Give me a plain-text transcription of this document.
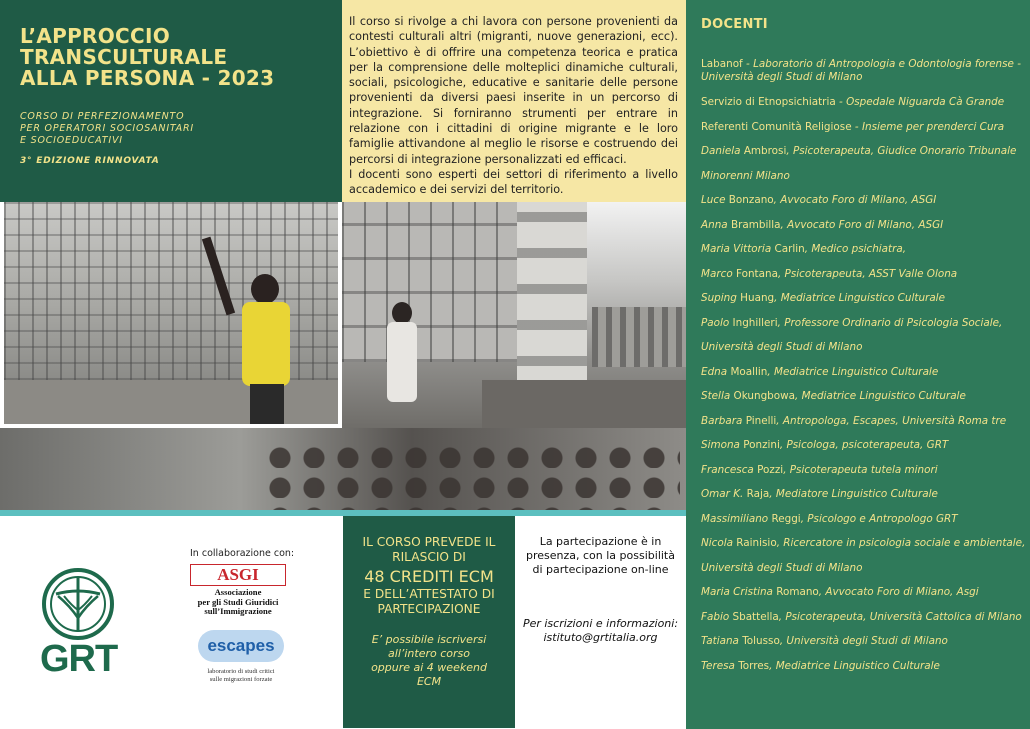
L’APPROCCIO TRANSCULTURALE
ALLA PERSONA - 2023
CORSO DI PERFEZIONAMENTO
PER OPERATORI SOCIOSANITARI
E SOCIOEDUCATIVI
3° EDIZIONE RINNOVATA
Il corso si rivolge a chi lavora con persone provenienti da contesti culturali altri (migranti, nuove generazioni, ecc). L’obiettivo è di offrire una competenza teorica e pratica per la comprensione delle molteplici dinamiche culturali, sociali, psicologiche, educative e sanitarie delle persone provenienti da diversi paesi inserite in un percorso di integrazione. Si forniranno strumenti per entrare in relazione con i cittadini di origine migrante e le loro famiglie attivandone al meglio le risorse e costruendo dei percorsi di integrazione personalizzati ed efficaci.
I docenti sono esperti dei settori di riferimento a livello accademico e dei servizi del territorio.
GRT
In collaborazione con:
ASGI
Associazione
per gli Studi Giuridici
sull’Immigrazione
escapes
laboratorio di studi critici
sulle migrazioni forzate
IL CORSO PREVEDE IL
RILASCIO DI
48 CREDITI ECM
E DELL’ATTESTATO DI
PARTECIPAZIONE
E’ possibile iscriversi
all’intero corso
oppure ai 4 weekend
ECM
La partecipazione è in
presenza, con la possibilità
di partecipazione on-line
Per iscrizioni e informazioni:
istituto@grtitalia.org
DOCENTI
Labanof - Laboratorio di Antropologia e Odontologia forense - Università degli Studi di Milano
Servizio di Etnopsichiatria - Ospedale Niguarda Cà Grande
Referenti Comunità Religiose - Insieme per prenderci Cura
Daniela Ambrosi, Psicoterapeuta, Giudice Onorario Tribunale
Minorenni Milano
Luce Bonzano, Avvocato Foro di Milano, ASGI
Anna Brambilla, Avvocato Foro di Milano, ASGI
Maria Vittoria Carlin, Medico psichiatra,
Marco Fontana, Psicoterapeuta, ASST Valle Olona
Suping Huang, Mediatrice Linguistico Culturale
Paolo Inghilleri, Professore Ordinario di Psicologia Sociale,
Università degli Studi di Milano
Edna Moallin, Mediatrice Linguistico Culturale
Stella Okungbowa, Mediatrice Linguistico Culturale
Barbara Pinelli, Antropologa, Escapes, Università Roma tre
Simona Ponzini, Psicologa, psicoterapeuta, GRT
Francesca Pozzi, Psicoterapeuta tutela minori
Omar K. Raja, Mediatore Linguistico Culturale
Massimiliano Reggi, Psicologo e Antropologo GRT
Nicola Rainisio, Ricercatore in psicologia sociale e ambientale,
Università degli Studi di Milano
Maria Cristina Romano, Avvocato Foro di Milano, Asgi
Fabio Sbattella, Psicoterapeuta, Università Cattolica di Milano
Tatiana Tolusso, Università degli Studi di Milano
Teresa Torres, Mediatrice Linguistico Culturale
